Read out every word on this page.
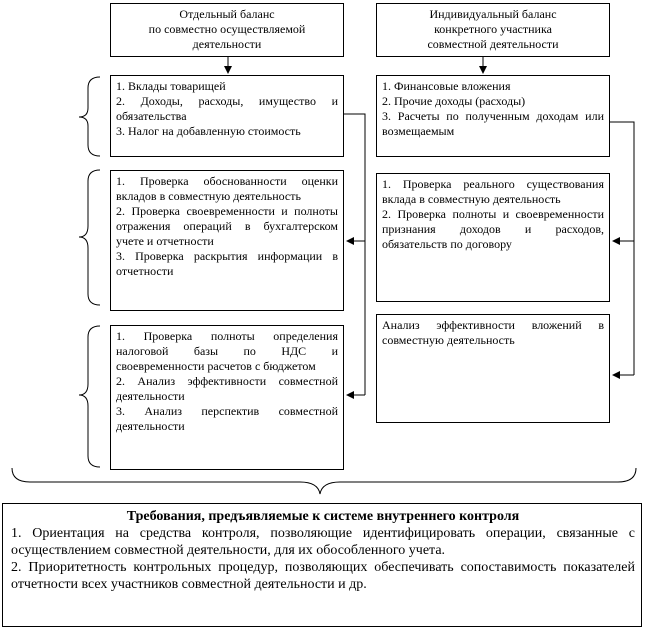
Отдельный баланс
по совместно осуществляемой
деятельности
Индивидуальный баланс
конкретного участника
совместной деятельности
1. Вклады товарищей
2. Доходы, расходы, имущество и обязательства
3. Налог на добавленную стоимость
1. Проверка обоснованности оценки вкладов в совместную деятельность
2. Проверка своевременности и полноты отражения операций в бухгалтерском учете и отчетности
3. Проверка раскрытия информации в отчетности
1. Проверка полноты определения налоговой базы по НДС и своевременности расчетов с бюджетом
2. Анализ эффективности совместной деятельности
3. Анализ перспектив совместной деятельности
1. Финансовые вложения
2. Прочие доходы (расходы)
3. Расчеты по полученным доходам или возмещаемым
1. Проверка реального существования вклада в совместную деятельность
2. Проверка полноты и своевременности признания доходов и расходов, обязательств по договору
Анализ эффективности вложений в совместную деятельность
Требования, предъявляемые к системе внутреннего контроля
1. Ориентация на средства контроля, позволяющие идентифицировать операции, связанные с осуществлением совместной деятельности, для их обособленного учета.
2. Приоритетность контрольных процедур, позволяющих обеспечивать сопоставимость показателей отчетности всех участников совместной деятельности и др.
